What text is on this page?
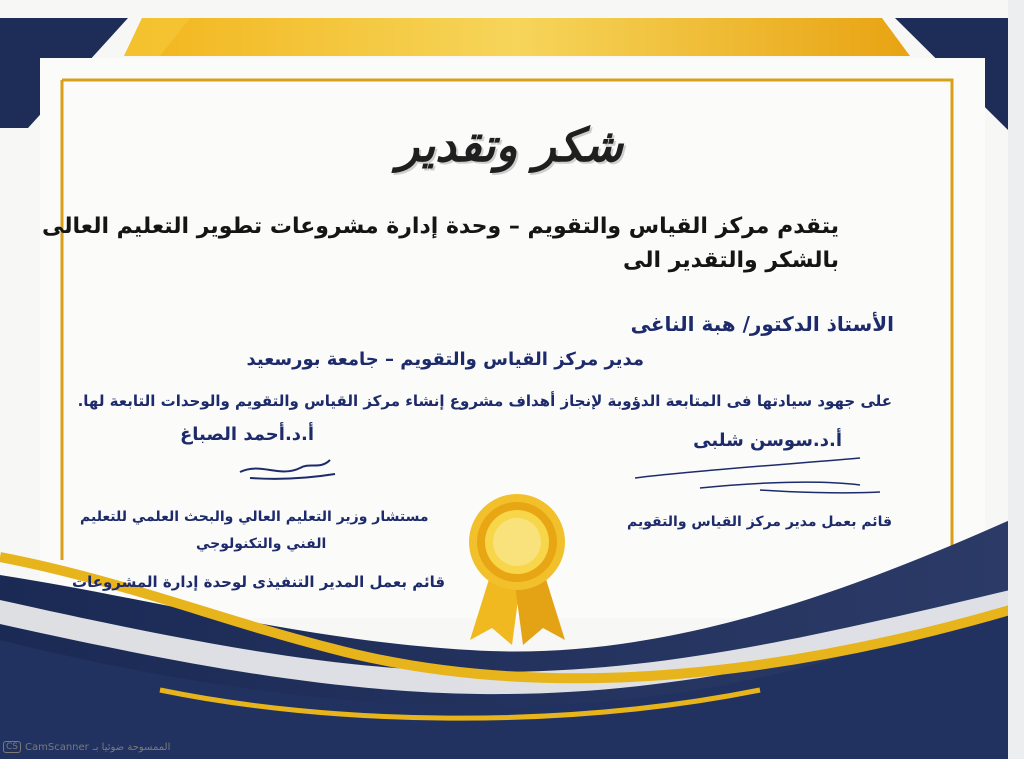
شكر وتقدير
يتقدم مركز القياس والتقويم – وحدة إدارة مشروعات تطوير التعليم العالى
بالشكر والتقدير الى
الأستاذ الدكتور/ هبة الناغى
مدير مركز القياس والتقويم – جامعة بورسعيد
على جهود سيادتها فى المتابعة الدؤوبة لإنجاز أهداف مشروع إنشاء مركز القياس والتقويم والوحدات التابعة لها.
أ.د.سوسن شلبى
أ.د.أحمد الصباغ
قائم بعمل مدير مركز القياس والتقويم
مستشار وزير التعليم العالي والبحث العلمي للتعليم
الفني والتكنولوجي
قائم بعمل المدير التنفيذى لوحدة إدارة المشروعات
CS CamScanner الممسوحة ضوئيا بـ
